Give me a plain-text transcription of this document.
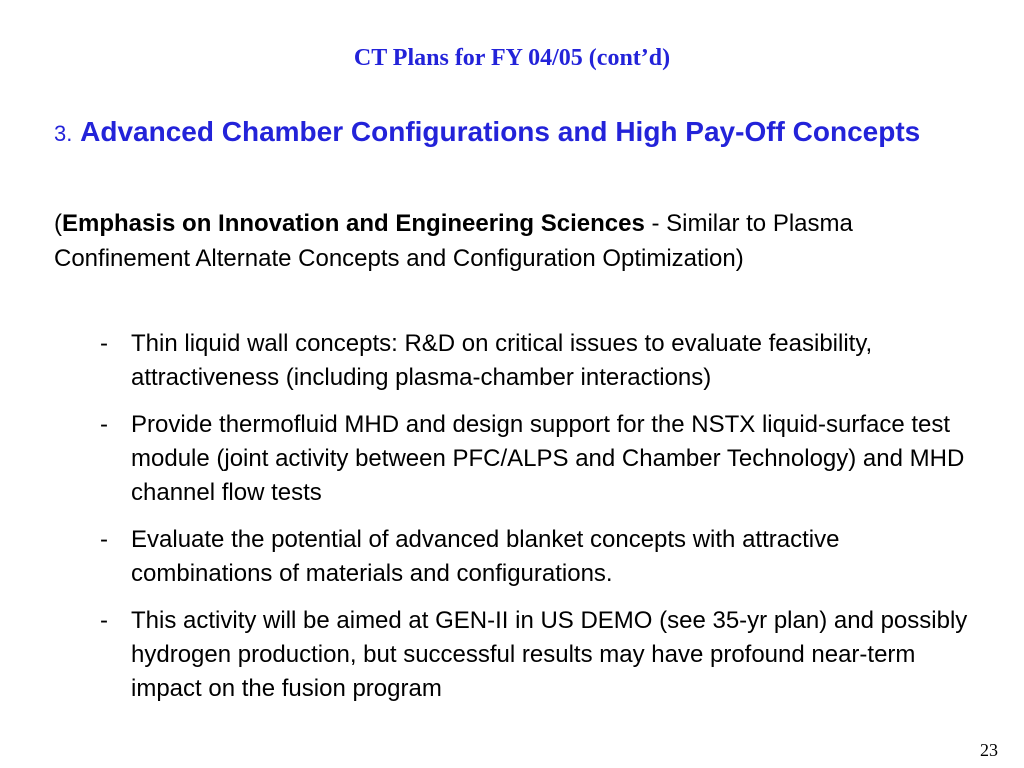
CT Plans for FY 04/05 (cont’d)
3. Advanced Chamber Configurations and High Pay-Off Concepts
(Emphasis on Innovation and Engineering Sciences - Similar to Plasma Confinement Alternate Concepts and Configuration Optimization)
- Thin liquid wall concepts: R&D on critical issues to evaluate feasibility, attractiveness (including plasma-chamber interactions)
- Provide thermofluid MHD and design support for the NSTX liquid-surface test module (joint activity between PFC/ALPS and Chamber Technology) and MHD channel flow tests
- Evaluate the potential of advanced blanket concepts with attractive combinations of materials and configurations.
- This activity will be aimed at GEN-II in US DEMO (see 35-yr plan) and possibly hydrogen production, but successful results may have profound near-term impact on the fusion program
23
